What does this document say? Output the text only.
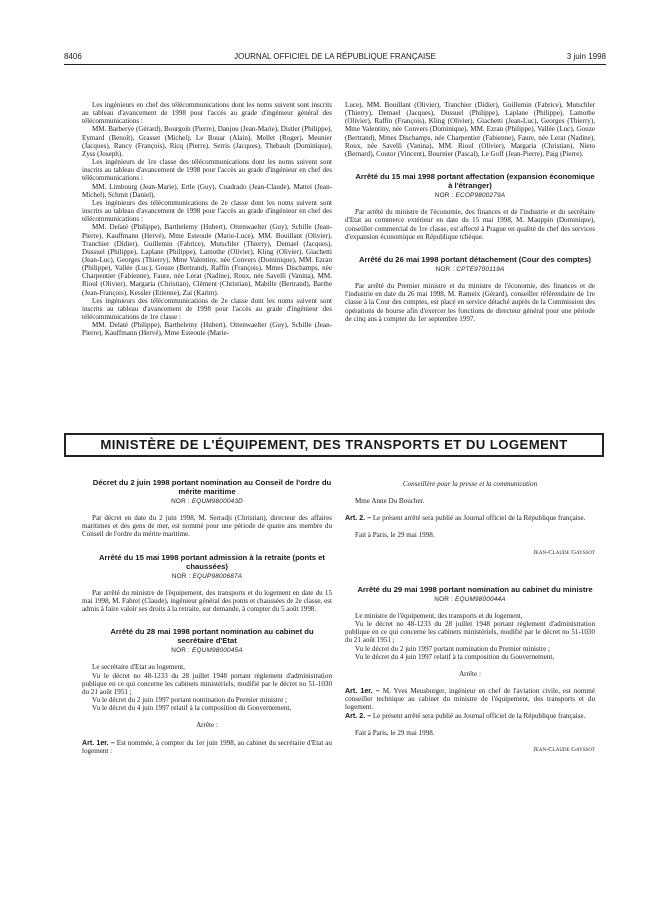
8406	JOURNAL OFFICIEL DE LA RÉPUBLIQUE FRANÇAISE	3 juin 1998

Les ingénieurs en chef des télécommunications dont les noms suivent sont inscrits au tableau d'avancement de 1998 pour l'accès au grade d'ingénieur général des télécommunications :

MM. Barberye (Gérard), Bourgoin (Pierre), Danjou (Jean-Marie), Distler (Philippe), Eymard (Benoît), Grasset (Michel), Le Bouar (Alain), Mellet (Roger), Meunier (Jacques), Rancy (François), Ricq (Pierre), Serris (Jacques), Thebault (Dominique), Zyss (Joseph).

Les ingénieurs de 1re classe des télécommunications dont les noms suivent sont inscrits au tableau d'avancement de 1998 pour l'accès au grade d'ingénieur en chef des télécommunications :

MM. Limbourg (Jean-Marie), Ertle (Guy), Cuadrado (Jean-Claude), Mattei (Jean-Michel), Schmit (Daniel).

Les ingénieurs des télécommunications de 2e classe dont les noms suivent sont inscrits au tableau d'avancement de 1998 pour l'accès au grade d'ingénieur en chef des télécommunications :

MM. Delaté (Philippe), Barthelemy (Hubert), Ottenwaelter (Guy), Schille (Jean-Pierre), Kauffmann (Hervé), Mme Esteoule (Marie-Luce), MM. Bouillant (Olivier), Tranchier (Didier), Guillemin (Fabrice), Mutschler (Thierry), Demael (Jacques), Dussuel (Philippe), Laplane (Philippe), Lamothe (Olivier), Kling (Olivier), Giachetti (Jean-Luc), Georges (Thierry), Mme Valentiny, née Convers (Dominique), MM. Ezran (Philippe), Vallée (Luc), Gouze (Bertrand), Raffin (François), Mmes Dischamps, née Charpentier (Fabienne), Faure, née Lerat (Nadine), Roux, née Savelli (Vanina), MM. Rioul (Olivier), Margaria (Christian), Clément (Christian), Mabille (Bertrand), Barthe (Jean-François), Kessler (Etienne), Zai (Karim).

Les ingénieurs des télécommunications de 2e classe dont les noms suivent sont inscrits au tableau d'avancement de 1998 pour l'accès au grade d'ingénieur des télécommunications de 1re classe :

MM. Delaté (Philippe), Barthelemy (Hubert), Ottenwaelter (Guy), Schille (Jean-Pierre), Kauffmann (Hervé), Mme Esteoule (Marie-

Luce), MM. Bouillant (Olivier), Tranchier (Didier), Guillemin (Fabrice), Mutschler (Thierry), Demael (Jacques), Dussuel (Philippe), Laplane (Philippe), Lamothe (Olivier), Raffin (François), Kling (Olivier), Giachetti (Jean-Luc), Georges (Thierry), Mme Valentiny, née Convers (Dominique), MM. Ezran (Philippe), Vallée (Luc), Gouze (Bertrand), Mmes Dischamps, née Charpentier (Fabienne), Faure, née Lerat (Nadine), Roux, née Savelli (Vanina), MM. Rioul (Olivier), Margaria (Christian), Nieto (Bernard), Coutor (Vincent), Bournier (Pascal), Le Goff (Jean-Pierre), Paig (Pierre).

Arrêté du 15 mai 1998 portant affectation (expansion économique à l'étranger)

NOR : ECOP9800279A

Par arrêté du ministre de l'économie, des finances et de l'industrie et du secrétaire d'Etat au commerce extérieur en date du 15 mai 1998, M. Mauppin (Dominique), conseiller commercial de 1re classe, est affecté à Prague en qualité de chef des services d'expansion économique en République tchèque.

Arrêté du 26 mai 1998 portant détachement (Cour des comptes)

NOR : CPTE9700119A

Par arrêté du Premier ministre et du ministre de l'économie, des finances et de l'industrie en date du 26 mai 1998, M. Rameix (Gérard), conseiller référendaire de 1re classe à la Cour des comptes, est placé en service détaché auprès de la Commission des opérations de bourse afin d'exercer les fonctions de directeur général pour une période de cinq ans à compter du 1er septembre 1997.

MINISTÈRE DE L'ÉQUIPEMENT, DES TRANSPORTS ET DU LOGEMENT

Décret du 2 juin 1998 portant nomination au Conseil de l'ordre du mérite maritime

NOR : EQUM9800043D

Par décret en date du 2 juin 1998, M. Serradji (Christian), directeur des affaires maritimes et des gens de mer, est nommé pour une période de quatre ans membre du Conseil de l'ordre du mérite maritime.

Arrêté du 15 mai 1998 portant admission à la retraite (ponts et chaussées)

NOR : EQUP9800687A

Par arrêté du ministre de l'équipement, des transports et du logement en date du 15 mai 1998, M. Fabret (Claude), ingénieur général des ponts et chaussées de 2e classe, est admis à faire valoir ses droits à la retraite, sur demande, à compter du 5 août 1998.

Arrêté du 28 mai 1998 portant nomination au cabinet du secrétaire d'Etat

NOR : EQUM9800045A

Le secrétaire d'Etat au logement,

Vu le décret no 48-1233 du 28 juillet 1948 portant règlement d'administration publique en ce qui concerne les cabinets ministériels, modifié par le décret no 51-1030 du 21 août 1951 ;

Vu le décret du 2 juin 1997 portant nomination du Premier ministre ;

Vu le décret du 4 juin 1997 relatif à la composition du Gouvernement,

Arrête :

Art. 1er. – Est nommée, à compter du 1er juin 1998, au cabinet du secrétaire d'Etat au logement :

Conseillère pour la presse et la communication

Mme Anne Du Boucher.

Art. 2. – Le présent arrêté sera publié au Journal officiel de la République française.

Fait à Paris, le 29 mai 1998.

Jean-Claude Gayssot

Arrêté du 29 mai 1998 portant nomination au cabinet du ministre

NOR : EQUM9800044A

Le ministre de l'équipement, des transports et du logement,

Vu le décret no 48-1233 du 28 juillet 1948 portant règlement d'administration publique en ce qui concerne les cabinets ministériels, modifié par le décret no 51-1030 du 21 août 1951 ;

Vu le décret du 2 juin 1997 portant nomination du Premier ministre ;

Vu le décret du 4 juin 1997 relatif à la composition du Gouvernement,

Arrête :

Art. 1er. – M. Yves Meusburger, ingénieur en chef de l'aviation civile, est nommé conseiller technique au cabinet du ministre de l'équipement, des transports et du logement.

Art. 2. – Le présent arrêté sera publié au Journal officiel de la République française.

Fait à Paris, le 29 mai 1998.

Jean-Claude Gayssot
